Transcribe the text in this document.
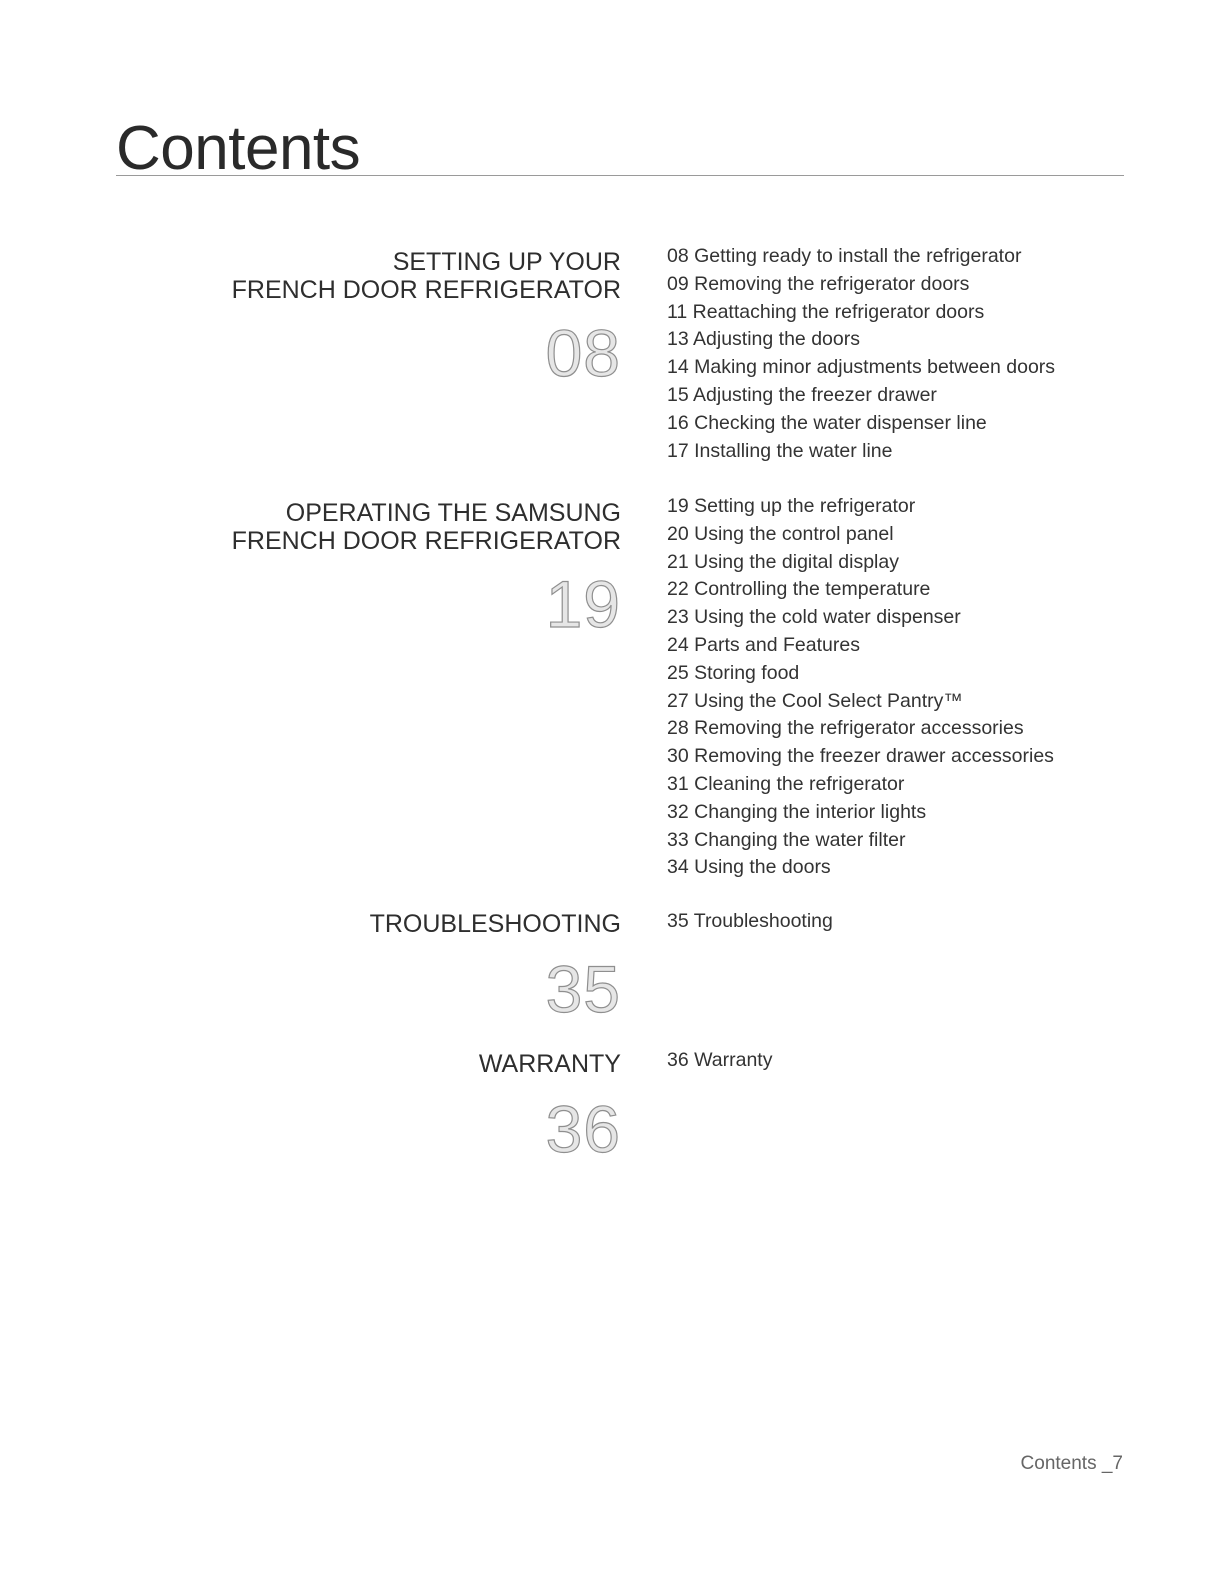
Contents
SETTING UP YOUR
FRENCH DOOR REFRIGERATOR
08
08 Getting ready to install the refrigerator
09 Removing the refrigerator doors
11 Reattaching the refrigerator doors
13 Adjusting the doors
14 Making minor adjustments between doors
15 Adjusting the freezer drawer
16 Checking the water dispenser line
17 Installing the water line
OPERATING THE SAMSUNG
FRENCH DOOR REFRIGERATOR
19
19 Setting up the refrigerator
20 Using the control panel
21 Using the digital display
22 Controlling the temperature
23 Using the cold water dispenser
24 Parts and Features
25 Storing food
27 Using the Cool Select Pantry™
28 Removing the refrigerator accessories
30 Removing the freezer drawer accessories
31 Cleaning the refrigerator
32 Changing the interior lights
33 Changing the water filter
34 Using the doors
TROUBLESHOOTING
35
35 Troubleshooting
WARRANTY
36
36 Warranty
Contents _7
